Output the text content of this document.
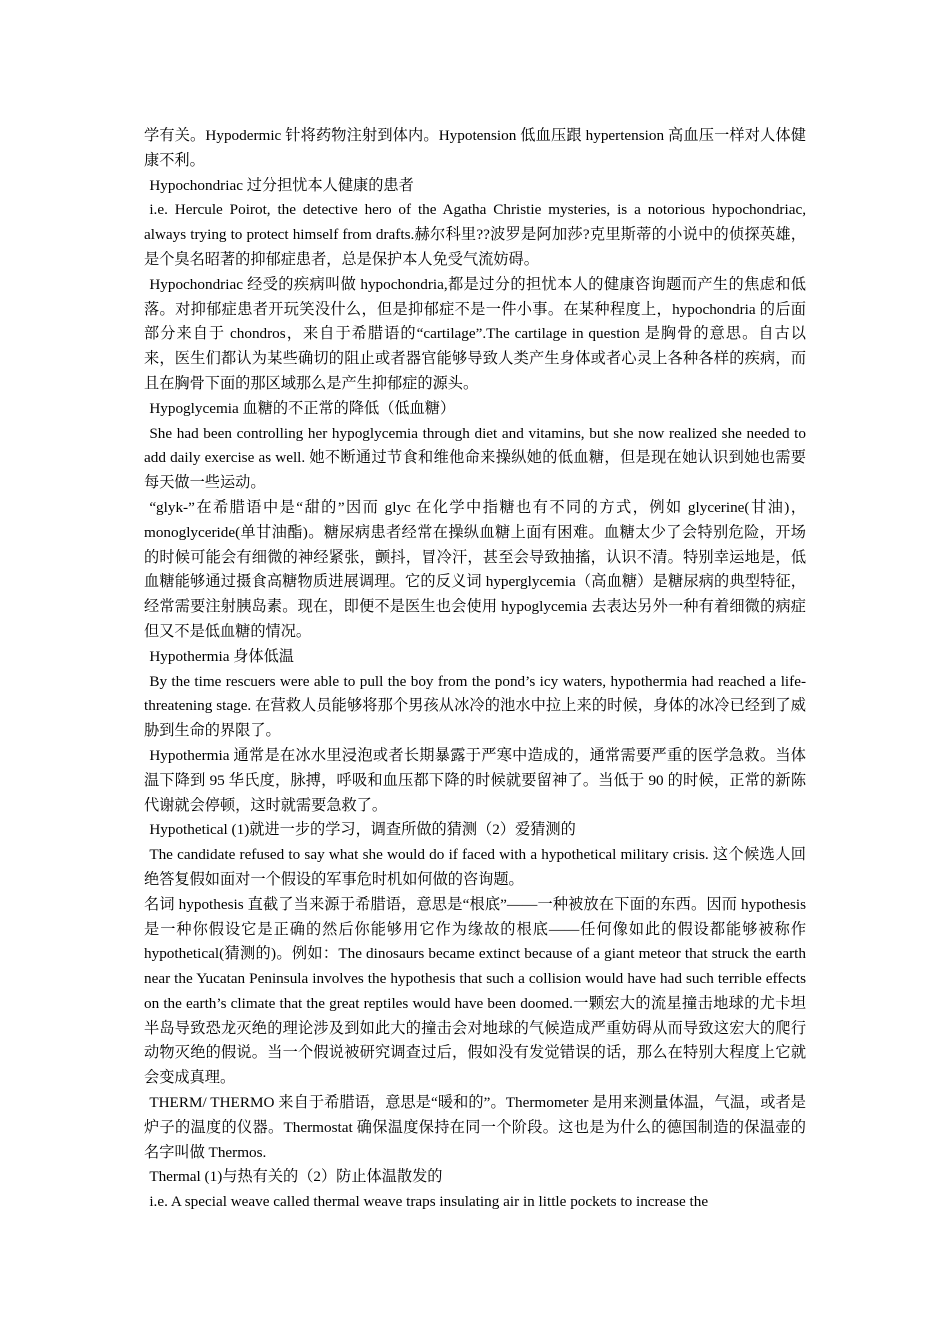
学有关。Hypodermic 针将药物注射到体内。Hypotension 低血压跟 hypertension 高血压一样对人体健康不利。

Hypochondriac 过分担忧本人健康的患者

i.e. Hercule Poirot, the detective hero of the Agatha Christie mysteries, is a notorious hypochondriac, always trying to protect himself from drafts.赫尔科里??波罗是阿加莎?克里斯蒂的小说中的侦探英雄，是个臭名昭著的抑郁症患者，总是保护本人免受气流妨碍。

Hypochondriac 经受的疾病叫做 hypochondria,都是过分的担忧本人的健康咨询题而产生的焦虑和低落。对抑郁症患者开玩笑没什么，但是抑郁症不是一件小事。在某种程度上，hypochondria 的后面部分来自于 chondros，来自于希腊语的“cartilage”.The cartilage in question 是胸骨的意思。自古以来，医生们都认为某些确切的阻止或者器官能够导致人类产生身体或者心灵上各种各样的疾病，而且在胸骨下面的那区域那么是产生抑郁症的源头。

Hypoglycemia 血糖的不正常的降低（低血糖）

She had been controlling her hypoglycemia through diet and vitamins, but she now realized she needed to add daily exercise as well. 她不断通过节食和维他命来操纵她的低血糖，但是现在她认识到她也需要每天做一些运动。

“glyk-”在希腊语中是“甜的”因而 glyc 在化学中指糖也有不同的方式，例如 glycerine(甘油)，monoglyceride(单甘油酯)。糖尿病患者经常在操纵血糖上面有困难。血糖太少了会特别危险，开场的时候可能会有细微的神经紧张，颤抖，冒冷汗，甚至会导致抽搐，认识不清。特别幸运地是，低血糖能够通过摄食高糖物质进展调理。它的反义词 hyperglycemia（高血糖）是糖尿病的典型特征，经常需要注射胰岛素。现在，即便不是医生也会使用 hypoglycemia 去表达另外一种有着细微的病症但又不是低血糖的情况。

Hypothermia 身体低温

By the time rescuers were able to pull the boy from the pond’s icy waters, hypothermia had reached a life-threatening stage. 在营救人员能够将那个男孩从冰冷的池水中拉上来的时候，身体的冰冷已经到了威胁到生命的界限了。

Hypothermia 通常是在冰水里浸泡或者长期暴露于严寒中造成的，通常需要严重的医学急救。当体温下降到 95 华氏度，脉搏，呼吸和血压都下降的时候就要留神了。当低于 90 的时候，正常的新陈代谢就会停顿，这时就需要急救了。

Hypothetical (1)就进一步的学习，调查所做的猜测（2）爱猜测的

The candidate refused to say what she would do if faced with a hypothetical military crisis. 这个候选人回绝答复假如面对一个假设的军事危时机如何做的咨询题。

名词 hypothesis 直截了当来源于希腊语，意思是“根底”——一种被放在下面的东西。因而 hypothesis 是一种你假设它是正确的然后你能够用它作为缘故的根底——任何像如此的假设都能够被称作 hypothetical(猜测的)。例如：The dinosaurs became extinct because of a giant meteor that struck the earth near the Yucatan Peninsula involves the hypothesis that such a collision would have had such terrible effects on the earth’s climate that the great reptiles would have been doomed.一颗宏大的流星撞击地球的尤卡坦半岛导致恐龙灭绝的理论涉及到如此大的撞击会对地球的气候造成严重妨碍从而导致这宏大的爬行动物灭绝的假说。当一个假说被研究调查过后，假如没有发觉错误的话，那么在特别大程度上它就会变成真理。

THERM/ THERMO 来自于希腊语，意思是“暖和的”。Thermometer 是用来测量体温，气温，或者是炉子的温度的仪器。Thermostat 确保温度保持在同一个阶段。这也是为什么的德国制造的保温壶的名字叫做 Thermos.

Thermal (1)与热有关的（2）防止体温散发的

i.e. A special weave called thermal weave traps insulating air in little pockets to increase the
